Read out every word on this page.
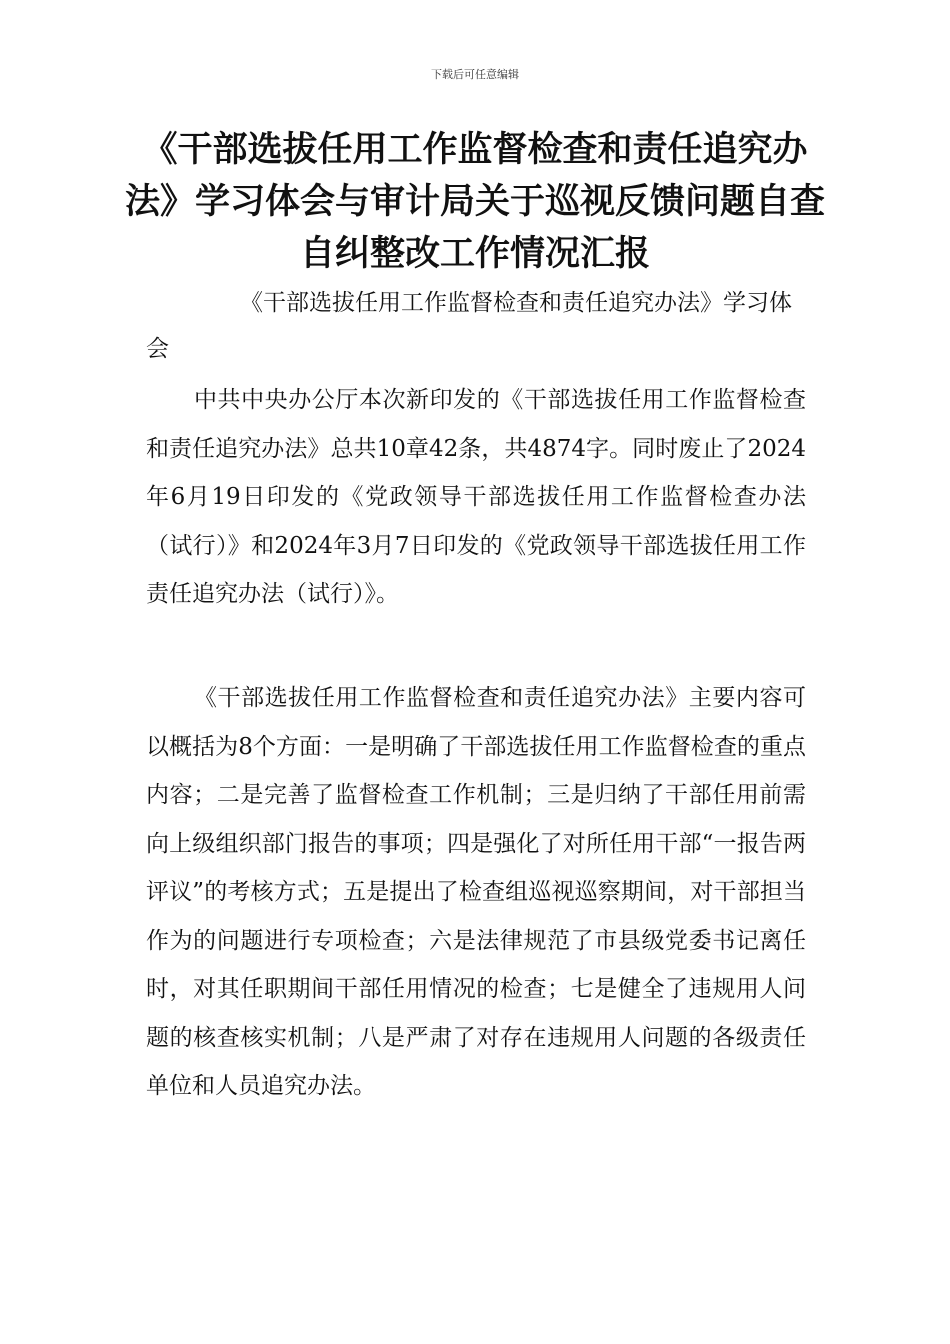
下载后可任意编辑
《干部选拔任用工作监督检查和责任追究办法》学习体会与审计局关于巡视反馈问题自查自纠整改工作情况汇报

《干部选拔任用工作监督检查和责任追究办法》学习体会

中共中央办公厅本次新印发的《干部选拔任用工作监督检查和责任追究办法》总共10章42条，共4874字。同时废止了2024年6月19日印发的《党政领导干部选拔任用工作监督检查办法（试行）》和2024年3月7日印发的《党政领导干部选拔任用工作责任追究办法（试行）》。

《干部选拔任用工作监督检查和责任追究办法》主要内容可以概括为8个方面：一是明确了干部选拔任用工作监督检查的重点内容；二是完善了监督检查工作机制；三是归纳了干部任用前需向上级组织部门报告的事项；四是强化了对所任用干部“一报告两评议”的考核方式；五是提出了检查组巡视巡察期间，对干部担当作为的问题进行专项检查；六是法律规范了市县级党委书记离任时，对其任职期间干部任用情况的检查；七是健全了违规用人问题的核查核实机制；八是严肃了对存在违规用人问题的各级责任单位和人员追究办法。
